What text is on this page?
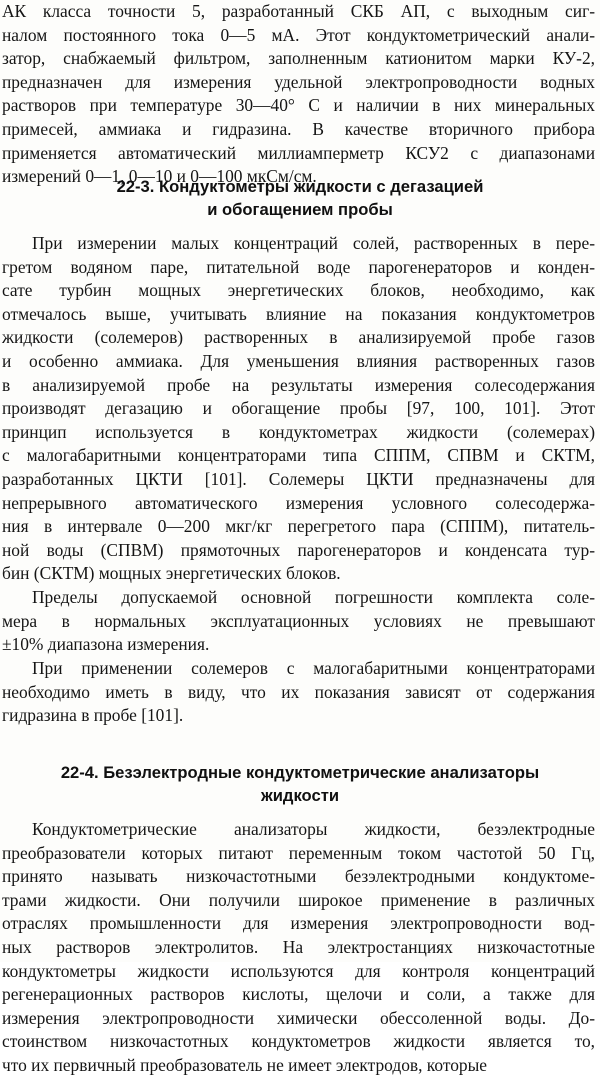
АК класса точности 5, разработанный СКБ АП, с выходным сиг-
налом постоянного тока 0—5 мА. Этот кондуктометрический анали-
затор, снабжаемый фильтром, заполненным катионитом марки КУ-2,
предназначен для измерения удельной электропроводности водных
растворов при температуре 30—40° С и наличии в них минеральных
примесей, аммиака и гидразина. В качестве вторичного прибора
применяется автоматический миллиамперметр КСУ2 с диапазонами
измерений 0—1, 0—10 и 0—100 мкСм/см.
22-3. Кондуктометры жидкости с дегазацией
и обогащением пробы
При измерении малых концентраций солей, растворенных в пере-
гретом водяном паре, питательной воде парогенераторов и конден-
сате турбин мощных энергетических блоков, необходимо, как
отмечалось выше, учитывать влияние на показания кондуктометров
жидкости (солемеров) растворенных в анализируемой пробе газов
и особенно аммиака. Для уменьшения влияния растворенных газов
в анализируемой пробе на результаты измерения солесодержания
производят дегазацию и обогащение пробы [97, 100, 101]. Этот
принцип используется в кондуктометрах жидкости (солемерах)
с малогабаритными концентраторами типа СППМ, СПВМ и СКТМ,
разработанных ЦКТИ [101]. Солемеры ЦКТИ предназначены для
непрерывного автоматического измерения условного солесодержа-
ния в интервале 0—200 мкг/кг перегретого пара (СППМ), питатель-
ной воды (СПВМ) прямоточных парогенераторов и конденсата тур-
бин (СКТМ) мощных энергетических блоков.
Пределы допускаемой основной погрешности комплекта соле-
мера в нормальных эксплуатационных условиях не превышают
±10% диапазона измерения.
При применении солемеров с малогабаритными концентраторами
необходимо иметь в виду, что их показания зависят от содержания
гидразина в пробе [101].
22-4. Безэлектродные кондуктометрические анализаторы
жидкости
Кондуктометрические анализаторы жидкости, безэлектродные
преобразователи которых питают переменным током частотой 50 Гц,
принято называть низкочастотными безэлектродными кондуктоме-
трами жидкости. Они получили широкое применение в различных
отраслях промышленности для измерения электропроводности вод-
ных растворов электролитов. На электростанциях низкочастотные
кондуктометры жидкости используются для контроля концентраций
регенерационных растворов кислоты, щелочи и соли, а также для
измерения электропроводности химически обессоленной воды. До-
стоинством низкочастотных кондуктометров жидкости является то,
что их первичный преобразователь не имеет электродов, которые
